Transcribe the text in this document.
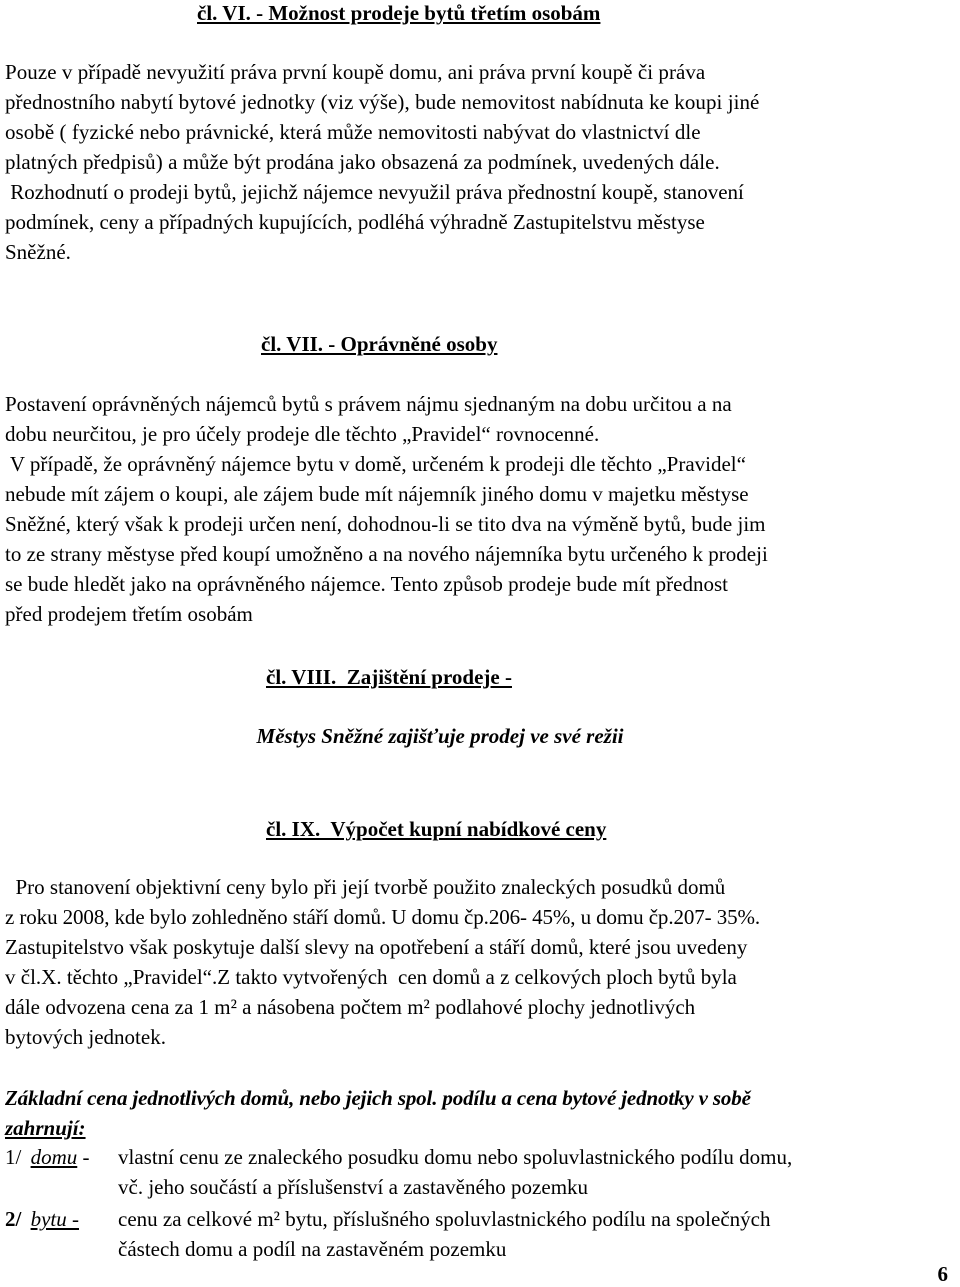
čl. VI. - Možnost prodeje bytů třetím osobám
Pouze v případě nevyužití práva první koupě domu, ani práva první koupě či práva
přednostního nabytí bytové jednotky (viz výše), bude nemovitost nabídnuta ke koupi jiné
osobě ( fyzické nebo právnické, která může nemovitosti nabývat do vlastnictví dle
platných předpisů) a může být prodána jako obsazená za podmínek, uvedených dále.
Rozhodnutí o prodeji bytů, jejichž nájemce nevyužil práva přednostní koupě, stanovení
podmínek, ceny a případných kupujících, podléhá výhradně Zastupitelstvu městyse
Sněžné.
čl. VII. - Oprávněné osoby
Postavení oprávněných nájemců bytů s právem nájmu sjednaným na dobu určitou a na
dobu neurčitou, je pro účely prodeje dle těchto „Pravidel“ rovnocenné.
V případě, že oprávněný nájemce bytu v domě, určeném k prodeji dle těchto „Pravidel“
nebude mít zájem o koupi, ale zájem bude mít nájemník jiného domu v majetku městyse
Sněžné, který však k prodeji určen není, dohodnou-li se tito dva na výměně bytů, bude jim
to ze strany městyse před koupí umožněno a na nového nájemníka bytu určeného k prodeji
se bude hledět jako na oprávněného nájemce. Tento způsob prodeje bude mít přednost
před prodejem třetím osobám
čl. VIII.  Zajištění prodeje -

Městys Sněžné zajišťuje prodej ve své režii

čl. IX.  Výpočet kupní nabídkové ceny
Pro stanovení objektivní ceny bylo při její tvorbě použito znaleckých posudků domů
z roku 2008, kde bylo zohledněno stáří domů. U domu čp.206- 45%, u domu čp.207- 35%.
Zastupitelstvo však poskytuje další slevy na opotřebení a stáří domů, které jsou uvedeny
v čl.X. těchto „Pravidel“.Z takto vytvořených  cen domů a z celkových ploch bytů byla
dále odvozena cena za 1 m² a násobena počtem m² podlahové plochy jednotlivých
bytových jednotek.
Základní cena jednotlivých domů, nebo jejich spol. podílu a cena bytové jednotky v sobě
zahrnují:
1/ domu - vlastní cenu ze znaleckého posudku domu nebo spoluvlastnického podílu domu,
vč. jeho součástí a příslušenství a zastavěného pozemku
2/ bytu -	cenu za celkové m² bytu, příslušného spoluvlastnického podílu na společných
částech domu a podíl na zastavěném pozemku
6
